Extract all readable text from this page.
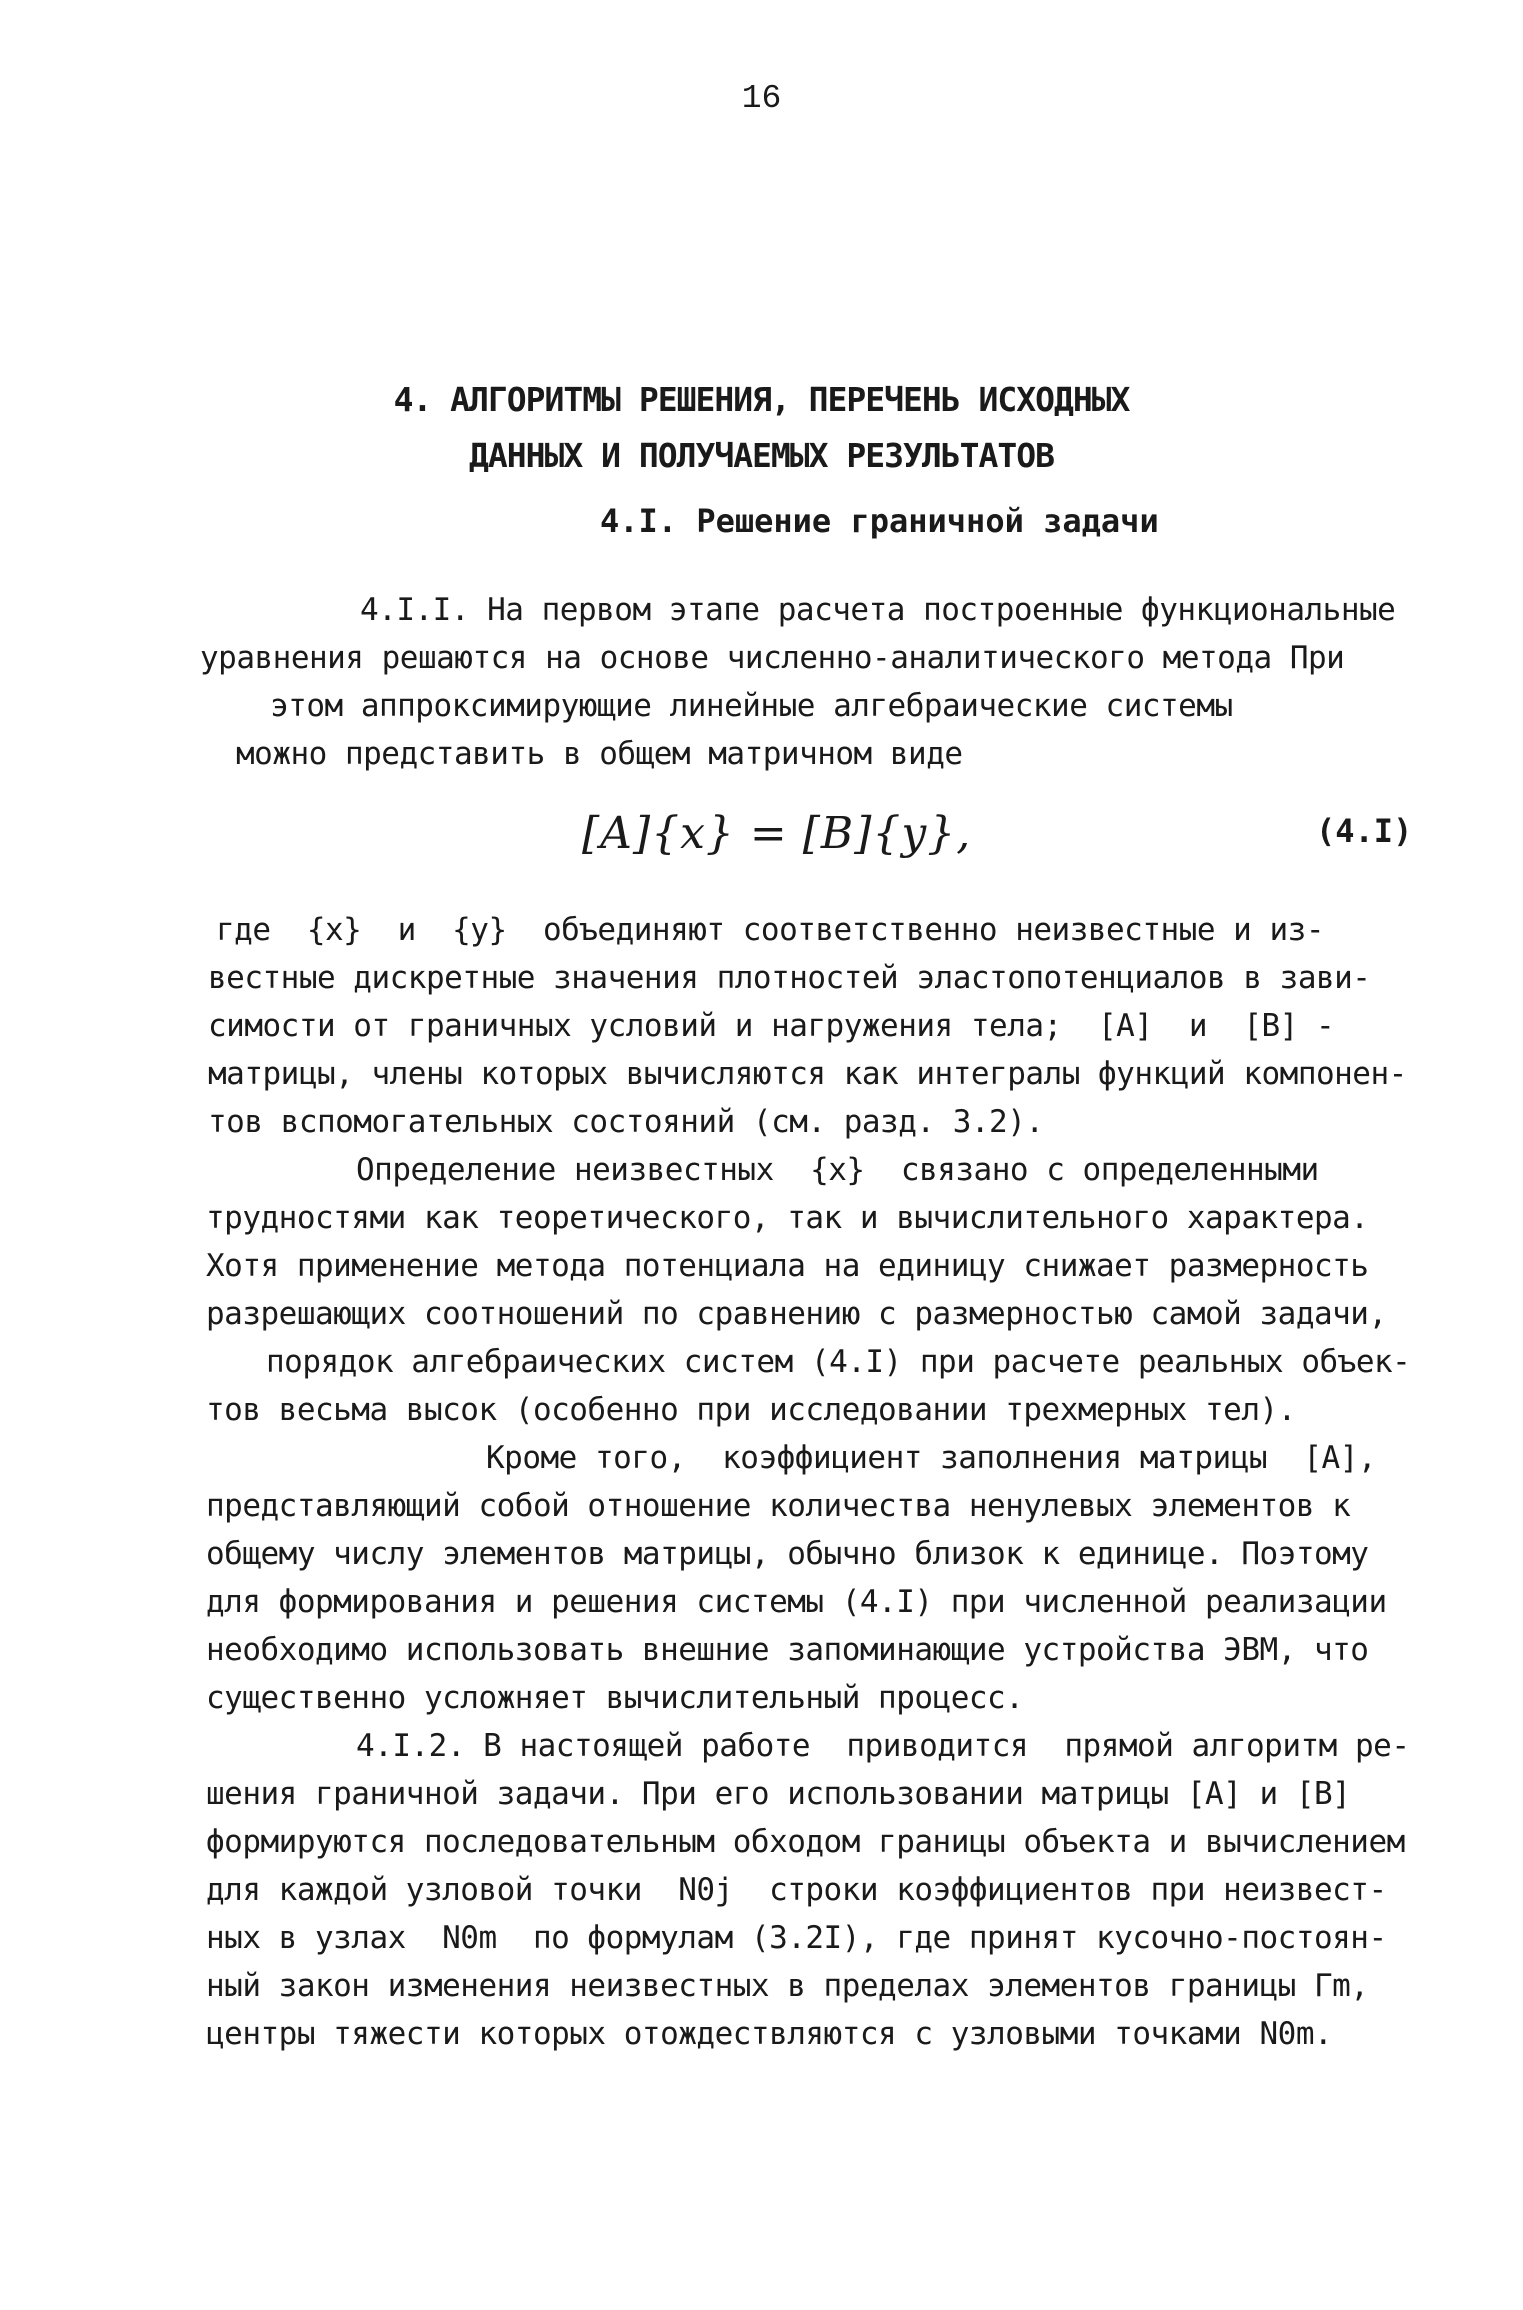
16
4. АЛГОРИТМЫ РЕШЕНИЯ, ПЕРЕЧЕНЬ ИСХОДНЫХ
ДАННЫХ И ПОЛУЧАЕМЫХ РЕЗУЛЬТАТОВ
4.I. Решение граничной задачи
4.I.I. На первом этапе расчета построенные функциональные
уравнения решаются на основе численно-аналитического метода При
этом аппроксимирующие линейные алгебраические системы
можно представить в общем матричном виде
[A]{x} = [B]{y},	(4.I)
где  {x}  и  {y}  объединяют соответственно неизвестные и из-
вестные дискретные значения плотностей эластопотенциалов в зави-
симости от граничных условий и нагружения тела;  [A]  и  [B] -
матрицы, члены которых вычисляются как интегралы функций компонен-
тов вспомогательных состояний (см. разд. 3.2).
Определение неизвестных  {x}  связано с определенными
трудностями как теоретического, так и вычислительного характера.
Хотя применение метода потенциала на единицу снижает размерность
разрешающих соотношений по сравнению с размерностью самой задачи,
порядок алгебраических систем (4.I) при расчете реальных объек-
тов весьма высок (особенно при исследовании трехмерных тел).
Кроме того,  коэффициент заполнения матрицы  [A],
представляющий собой отношение количества ненулевых элементов к
общему числу элементов матрицы, обычно близок к единице. Поэтому
для формирования и решения системы (4.I) при численной реализации
необходимо использовать внешние запоминающие устройства ЭВМ, что
существенно усложняет вычислительный процесс.
4.I.2. В настоящей работе  приводится  прямой алгоритм ре-
шения граничной задачи. При его использовании матрицы [A] и [B]
формируются последовательным обходом границы объекта и вычислением
для каждой узловой точки  N0j  строки коэффициентов при неизвест-
ных в узлах  N0m  по формулам (3.2I), где принят кусочно-постоян-
ный закон изменения неизвестных в пределах элементов границы Гm,
центры тяжести которых отождествляются с узловыми точками N0m.
